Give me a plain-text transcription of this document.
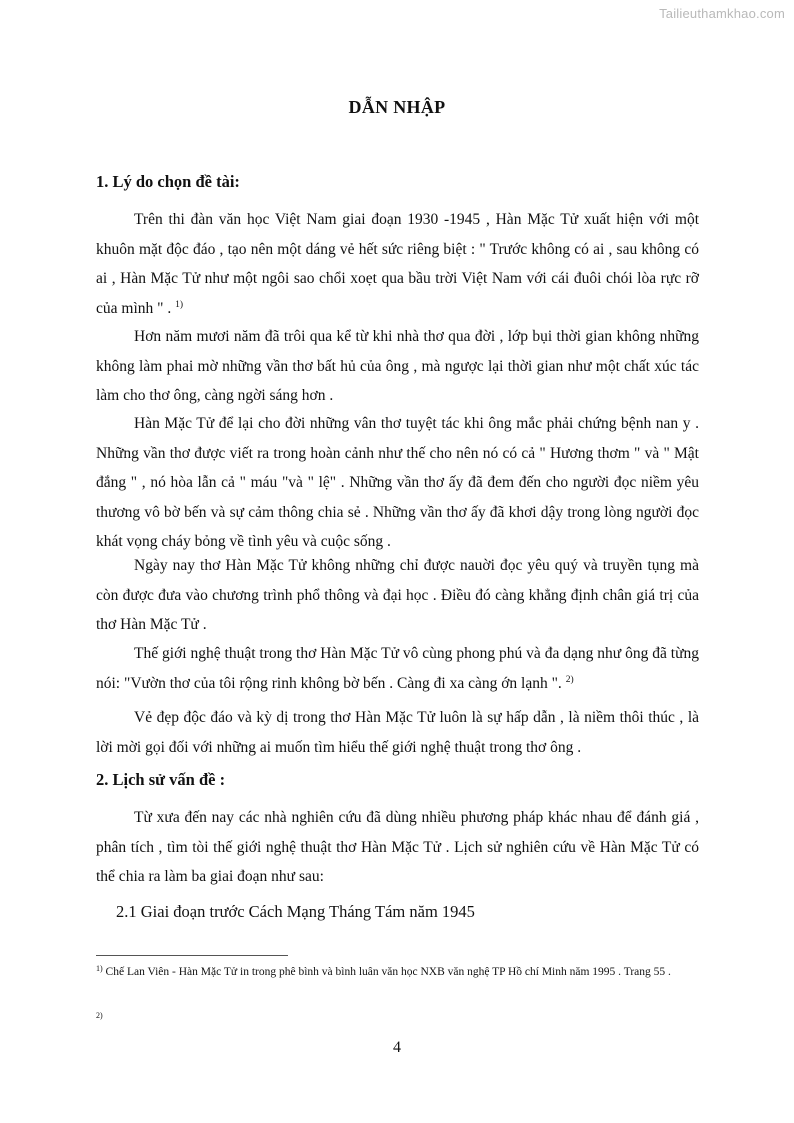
Tailieuthamkhao.com
DẪN NHẬP
1. Lý do chọn đề tài:

Trên thi đàn văn học Việt Nam giai đoạn 1930 -1945 , Hàn Mặc Tử xuất hiện với một khuôn mặt độc đáo , tạo nên một dáng vẻ hết sức riêng biệt : " Trước không có ai , sau không có ai , Hàn Mặc Tử như một ngôi sao chổi xoẹt qua bầu trời Việt Nam với cái đuôi chói lòa rực rỡ của mình " . $^{1)}$

Hơn năm mươi năm đã trôi qua kể từ khi nhà thơ qua đời , lớp bụi thời gian không những không làm phai mờ những vần thơ bất hủ của ông , mà ngược lại thời gian như một chất xúc tác làm cho thơ ông, càng ngời sáng hơn .

Hàn Mặc Tử để lại cho đời những vân thơ tuyệt tác khi ông mắc phải chứng bệnh nan y . Những vần thơ được viết ra trong hoàn cảnh như thế cho nên nó có cả " Hương thơm " và " Mật đắng " , nó hòa lẫn cả " máu "và " lệ" . Những vần thơ ấy đã đem đến cho người đọc niềm yêu thương vô bờ bến và sự cảm thông chia sẻ . Những vần thơ ấy đã khơi dậy trong lòng người đọc khát vọng cháy bỏng về tình yêu và cuộc sống .

Ngày nay thơ Hàn Mặc Tử không những chỉ được nauời đọc yêu quý và truyền tụng mà còn được đưa vào chương trình phổ thông và đại học . Điều đó càng khẳng định chân giá trị của thơ Hàn Mặc Tử .

Thế giới nghệ thuật trong thơ Hàn Mặc Tử vô cùng phong phú và đa dạng như ông đã từng nói: "Vườn thơ của tôi rộng rinh không bờ bến . Càng đi xa càng ớn lạnh ". $^{2)}$

Vẻ đẹp độc đáo và kỳ dị trong thơ Hàn Mặc Tử luôn là sự hấp dẫn , là niềm thôi thúc , là lời mời gọi đối với những ai muốn tìm hiểu thế giới nghệ thuật trong thơ ông .

2. Lịch sử vấn đề :

Từ xưa đến nay các nhà nghiên cứu đã dùng nhiều phương pháp khác nhau để đánh giá , phân tích , tìm tòi thế giới nghệ thuật thơ Hàn Mặc Tử . Lịch sử nghiên cứu về Hàn Mặc Tử có thể chia ra làm ba giai đoạn như sau:

2.1 Giai đoạn trước Cách Mạng Tháng Tám năm 1945

$^{1)}$ Chế Lan Viên - Hàn Mặc Tử in trong phê bình và bình luân văn học NXB văn nghệ TP Hồ chí Minh năm 1995 . Trang 55 .

2)
4
